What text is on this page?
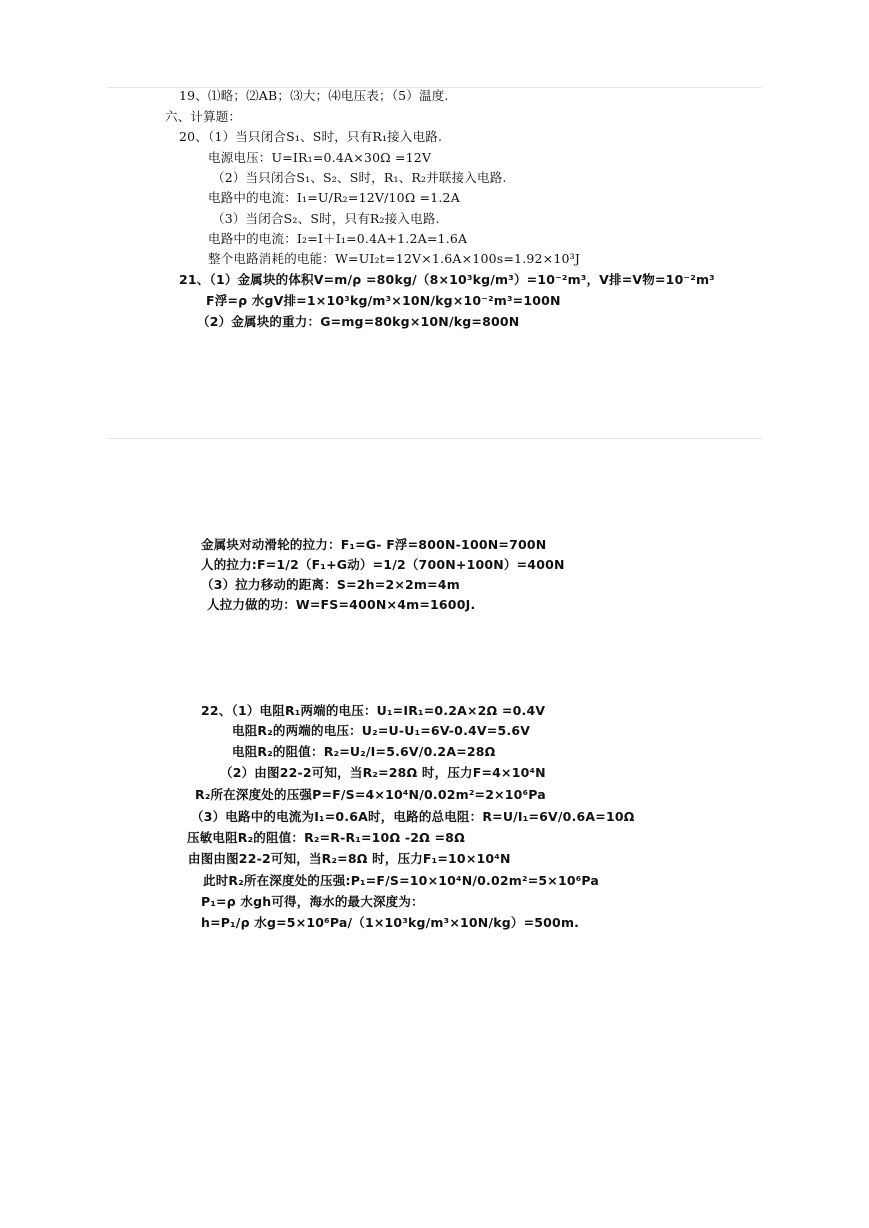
19、⑴略；⑵AB；⑶大；⑷电压表；（5）温度.
六、计算题：
20、（1）当只闭合S₁、S时，只有R₁接入电路.
电源电压：U=IR₁=0.4A×30Ω =12V
（2）当只闭合S₁、S₂、S时，R₁、R₂并联接入电路.
电路中的电流：I₁=U/R₂=12V/10Ω =1.2A
（3）当闭合S₂、S时，只有R₂接入电路.
电路中的电流：I₂=I＋I₁=0.4A+1.2A=1.6A
整个电路消耗的电能：W=UI₂t=12V×1.6A×100s=1.92×10³J
21、（1）金属块的体积V=m/ρ =80kg/（8×10³kg/m³）=10⁻²m³，V排=V物=10⁻²m³
F浮=ρ 水gV排=1×10³kg/m³×10N/kg×10⁻²m³=100N
（2）金属块的重力：G=mg=80kg×10N/kg=800N
金属块对动滑轮的拉力：F₁=G- F浮=800N-100N=700N
人的拉力:F=1/2（F₁+G动）=1/2（700N+100N）=400N
（3）拉力移动的距离：S=2h=2×2m=4m
人拉力做的功：W=FS=400N×4m=1600J.
22、（1）电阻R₁两端的电压：U₁=IR₁=0.2A×2Ω =0.4V
电阻R₂的两端的电压：U₂=U-U₁=6V-0.4V=5.6V
电阻R₂的阻值：R₂=U₂/I=5.6V/0.2A=28Ω
（2）由图22-2可知，当R₂=28Ω 时，压力F=4×10⁴N
R₂所在深度处的压强P=F/S=4×10⁴N/0.02m²=2×10⁶Pa
（3）电路中的电流为I₁=0.6A时，电路的总电阻：R=U/I₁=6V/0.6A=10Ω
压敏电阻R₂的阻值：R₂=R-R₁=10Ω -2Ω =8Ω
由图由图22-2可知，当R₂=8Ω 时，压力F₁=10×10⁴N
此时R₂所在深度处的压强:P₁=F/S=10×10⁴N/0.02m²=5×10⁶Pa
P₁=ρ 水gh可得，海水的最大深度为：
h=P₁/ρ 水g=5×10⁶Pa/（1×10³kg/m³×10N/kg）=500m.
